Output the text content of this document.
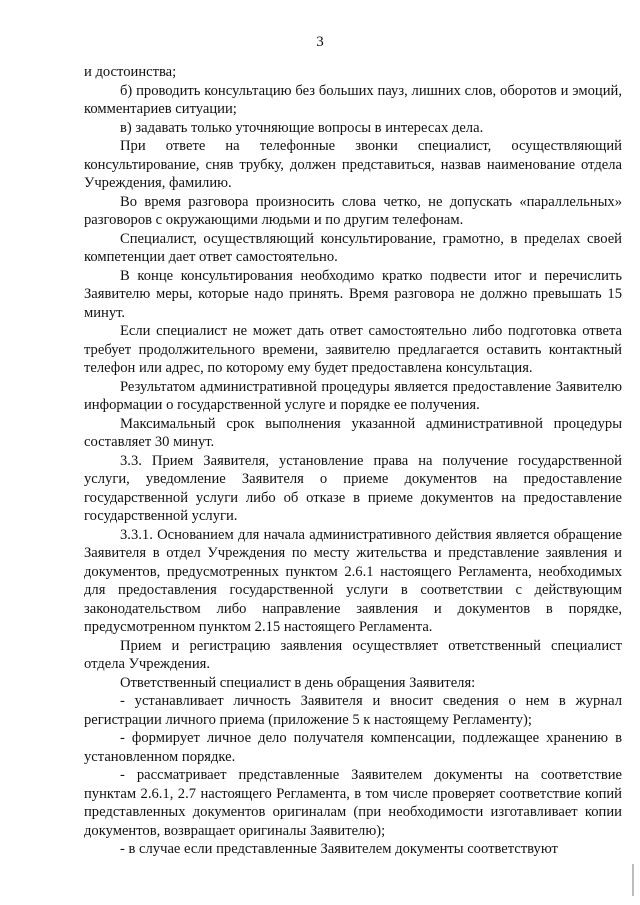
3

и достоинства;

б) проводить консультацию без больших пауз, лишних слов, оборотов и эмоций, комментариев ситуации;

в) задавать только уточняющие вопросы в интересах дела.

При ответе на телефонные звонки специалист, осуществляющий консультирование, сняв трубку, должен представиться, назвав наименование отдела Учреждения, фамилию.

Во время разговора произносить слова четко, не допускать «параллельных» разговоров с окружающими людьми и по другим телефонам.

Специалист, осуществляющий консультирование, грамотно, в пределах своей компетенции дает ответ самостоятельно.

В конце консультирования необходимо кратко подвести итог и перечислить Заявителю меры, которые надо принять. Время разговора не должно превышать 15 минут.

Если специалист не может дать ответ самостоятельно либо подготовка ответа требует продолжительного времени, заявителю предлагается оставить контактный телефон или адрес, по которому ему будет предоставлена консультация.

Результатом административной процедуры является предоставление Заявителю информации о государственной услуге и порядке ее получения.

Максимальный срок выполнения указанной административной процедуры составляет 30 минут.

3.3. Прием Заявителя, установление права на получение государственной услуги, уведомление Заявителя о приеме документов на предоставление государственной услуги либо об отказе в приеме документов на предоставление государственной услуги.

3.3.1. Основанием для начала административного действия является обращение Заявителя в отдел Учреждения по месту жительства и представление заявления и документов, предусмотренных пунктом 2.6.1 настоящего Регламента, необходимых для предоставления государственной услуги в соответствии с действующим законодательством либо направление заявления и документов в порядке, предусмотренном пунктом 2.15 настоящего Регламента.

Прием и регистрацию заявления осуществляет ответственный специалист отдела Учреждения.

Ответственный специалист в день обращения Заявителя:

- устанавливает личность Заявителя и вносит сведения о нем в журнал регистрации личного приема (приложение 5 к настоящему Регламенту);

- формирует личное дело получателя компенсации, подлежащее хранению в установленном порядке.

- рассматривает представленные Заявителем документы на соответствие пунктам 2.6.1, 2.7 настоящего Регламента, в том числе проверяет соответствие копий представленных документов оригиналам (при необходимости изготавливает копии документов, возвращает оригиналы Заявителю);

- в случае если представленные Заявителем документы соответствуют
